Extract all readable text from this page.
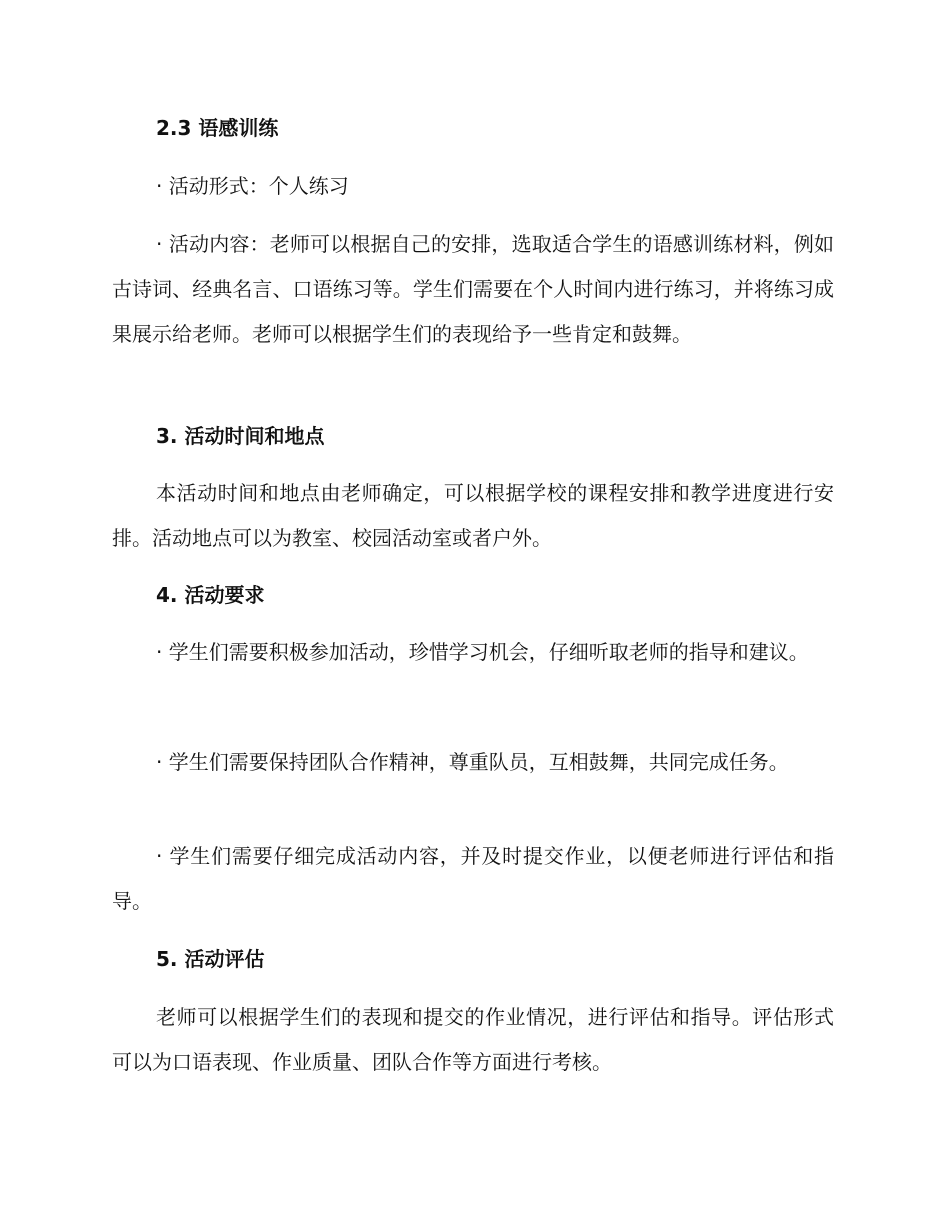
2.3 语感训练
· 活动形式：个人练习
· 活动内容：老师可以根据自己的安排，选取适合学生的语感训练材料，例如古诗词、经典名言、口语练习等。学生们需要在个人时间内进行练习，并将练习成果展示给老师。老师可以根据学生们的表现给予一些肯定和鼓舞。
3. 活动时间和地点
本活动时间和地点由老师确定，可以根据学校的课程安排和教学进度进行安排。活动地点可以为教室、校园活动室或者户外。
4. 活动要求
· 学生们需要积极参加活动，珍惜学习机会，仔细听取老师的指导和建议。
· 学生们需要保持团队合作精神，尊重队员，互相鼓舞，共同完成任务。
· 学生们需要仔细完成活动内容，并及时提交作业，以便老师进行评估和指导。
5. 活动评估
老师可以根据学生们的表现和提交的作业情况，进行评估和指导。评估形式可以为口语表现、作业质量、团队合作等方面进行考核。
